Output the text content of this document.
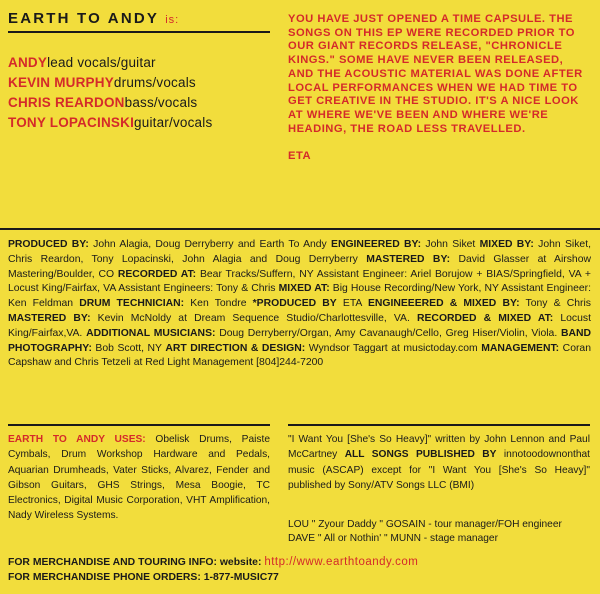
EARTH TO ANDY is:
ANDYlead vocals/guitar
KEVIN MURPHYdrums/vocals
CHRIS REARDONbass/vocals
TONY LOPACINSKIguitar/vocals
YOU HAVE JUST OPENED A TIME CAPSULE. THE SONGS ON THIS EP WERE RECORDED PRIOR TO OUR GIANT RECORDS RELEASE, "CHRONICLE KINGS." SOME HAVE NEVER BEEN RELEASED, AND THE ACOUSTIC MATERIAL WAS DONE AFTER LOCAL PERFORMANCES WHEN WE HAD TIME TO GET CREATIVE IN THE STUDIO. IT'S A NICE LOOK AT WHERE WE'VE BEEN AND WHERE WE'RE HEADING, THE ROAD LESS TRAVELLED.
ETA
PRODUCED BY: John Alagia, Doug Derryberry and Earth To Andy ENGINEERED BY: John Siket MIXED BY: John Siket, Chris Reardon, Tony Lopacinski, John Alagia and Doug Derryberry MASTERED BY: David Glasser at Airshow Mastering/Boulder, CO RECORDED AT: Bear Tracks/Suffern, NY Assistant Engineer: Ariel Borujow + BIAS/Springfield, VA + Locust King/Fairfax, VA Assistant Engineers: Tony & Chris MIXED AT: Big House Recording/New York, NY Assistant Engineer: Ken Feldman DRUM TECHNICIAN: Ken Tondre *PRODUCED BY ETA ENGINEEERED & MIXED BY: Tony & Chris MASTERED BY: Kevin McNoldy at Dream Sequence Studio/Charlottesville, VA. RECORDED & MIXED AT: Locust King/Fairfax,VA. ADDITIONAL MUSICIANS: Doug Derryberry/Organ, Amy Cavanaugh/Cello, Greg Hiser/Violin, Viola. BAND PHOTOGRAPHY: Bob Scott, NY ART DIRECTION & DESIGN: Wyndsor Taggart at musictoday.com MANAGEMENT: Coran Capshaw and Chris Tetzeli at Red Light Management [804]244-7200
EARTH TO ANDY USES: Obelisk Drums, Paiste Cymbals, Drum Workshop Hardware and Pedals, Aquarian Drumheads, Vater Sticks, Alvarez, Fender and Gibson Guitars, GHS Strings, Mesa Boogie, TC Electronics, Digital Music Corporation, VHT Amplification, Nady Wireless Systems.
"I Want You [She's So Heavy]" written by John Lennon and Paul McCartney ALL SONGS PUBLISHED BY innotoodownonthat music (ASCAP) except for "I Want You [She's So Heavy]" published by Sony/ATV Songs LLC (BMI)
LOU " Zyour Daddy " GOSAIN - tour manager/FOH engineer
DAVE " All or Nothin' " MUNN - stage manager
FOR MERCHANDISE AND TOURING INFO: website: http://www.earthtoandy.com
FOR MERCHANDISE PHONE ORDERS: 1-877-MUSIC77
